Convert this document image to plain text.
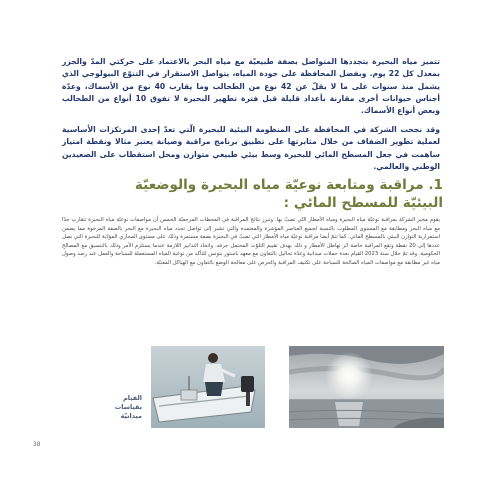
تتميز مياه البحيرة بتجددها المتواصل بصفة طبيعيّة مع مياه البحر بالاعتماد على حركتي المدّ والجزر بمعدل كل 22 يوم. وبفضل المحافظة على جودة المياه، يتواصل الاستقرار في التنوّع البيولوجي الذي يشمل منذ سنوات على ما لا يقلّ عن 42 نوع من الطحالب وما يقارب 40 نوع من الأسماك، وعدّة أجناس حيوانات أخرى مقارنة بأعداد قليلة قبل فترة تطهير البحيرة لا تفوق 10 أنواع من الطحالب وبعض أنواع الأسماك.

وقد نجحت الشركة في المحافظة على المنظومة البيئية للبحيرة الّتي تعدّ إحدى المرتكزات الأساسية لعملية تطوير الضفاف من خلال مثابرتها على تطبيق برنامج مراقبة وصيانة يعتبر مثالا ونقطة امتياز ساهمت في جعل المسطح المائي للبحيرة وسط بيئي طبيعي متوازن ومحل استقطاب على الصعيدين الوطني والعالمي.

1. مراقبة ومتابعة نوعيّة مياه البحيرة والوضعيّة البيئيّة للمسطح المائي :

يقوم مخبر الشركة بمراقبة نوعيّة مياه البحيرة ومياه الأمطار التّي تصبّ بها. وتبرز نتائج المراقبة في المحطات المرجعيّة الخمس أن مواصفات نوعيّة مياه البحيرة تتقارب جدّا مع مياه البحر ومطابقة مع المستوى المطلوب بالنسبة لجميع العناصر المؤشرة والمعتمدة والتي تشير إلى تواصل تجدد مياه البحيرة مع البحر بالصفة المرجوة مما يضمن استمرارية التوازن البيئي بالمسطح المائي. كما تتمّ أيضا مراقبة نوعيّة مياه الأمطار التي تصبّ في البحيرة بصفة مستمرة وذلك على مستوى المجاري المؤدّية للبحيرة التي يصل عددها إلى 20 نقطة وتقع المراقبة خاصة اثر تهاطل الأمطار و ذلك بهدف تقييم التلوّث المحتمل جرفه. واتخاذ التدابير اللازمة عندما يستلزم الأمر وذلك بالتنسيق مع المصالح الحكومية. وقد تمّ خلال سنة 2023 القيام بعدة حملات ميدانية وعدّة تحاليل بالتعاون مع معهد باستور بتونس للتأكد من نوعية المياه المستعملة للسباحة والعمل عند رصد وصول مياه غير مطابقة مع مواصفات المياه الصالحة للسباحة على تكثيف المراقبة والحرص على معالجة الوضع بالتعاون مع الهياكل المعنيّة.

القيام
بقياسات
ميدانيّة
38
